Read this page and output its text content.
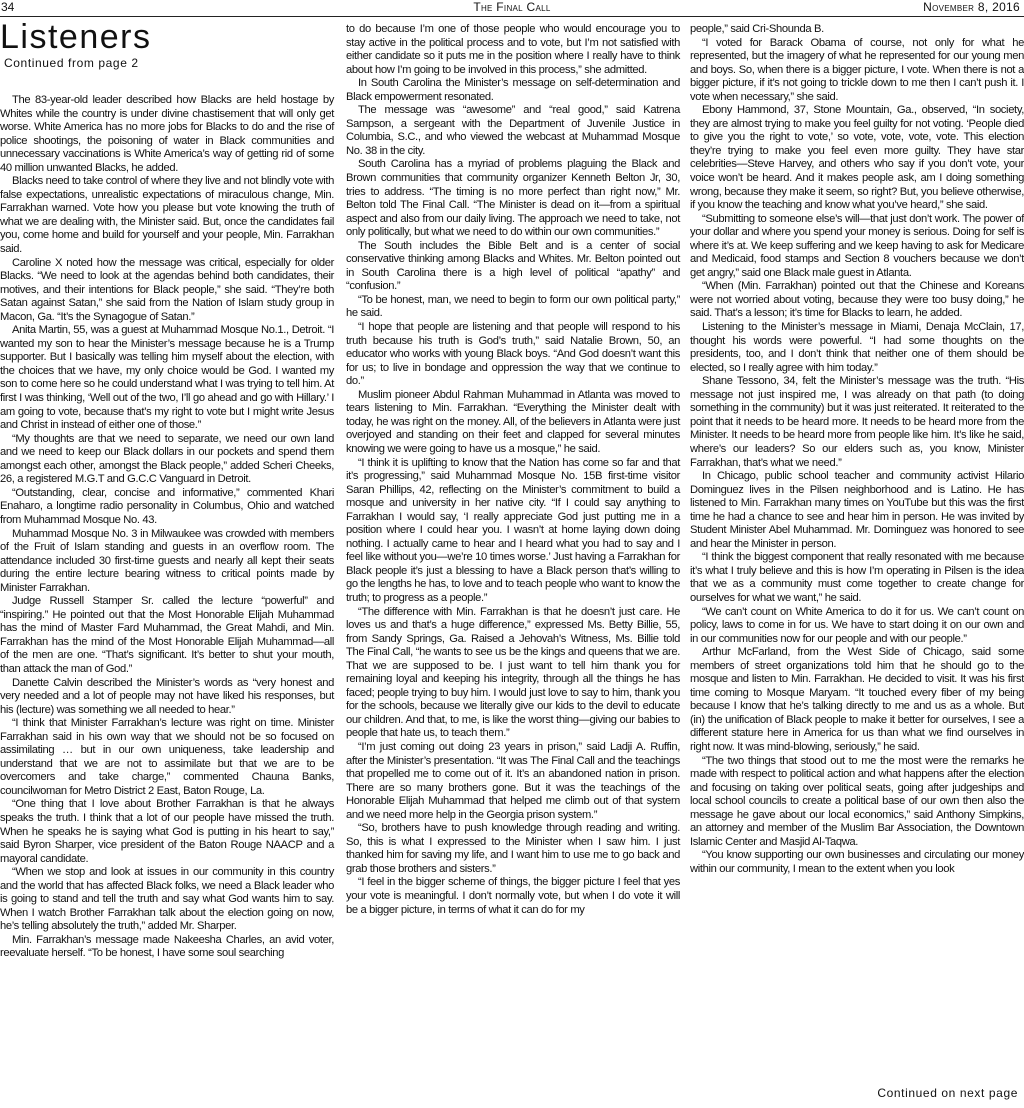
34	The Final Call	November 8, 2016
Listeners
Continued from page 2

The 83-year-old leader described how Blacks are held hostage by Whites while the country is under divine chastisement that will only get worse. White America has no more jobs for Blacks to do and the rise of police shootings, the poisoning of water in Black communities and unnecessary vaccinations is White America’s way of getting rid of some 40 million unwanted Blacks, he added.

Blacks need to take control of where they live and not blindly vote with false expectations, unrealistic expectations of miraculous change, Min. Farrakhan warned. Vote how you please but vote knowing the truth of what we are dealing with, the Minister said. But, once the candidates fail you, come home and build for yourself and your people, Min. Farrakhan said.

Caroline X noted how the message was critical, especially for older Blacks. “We need to look at the agendas behind both candidates, their motives, and their intentions for Black people,” she said. “They’re both Satan against Satan,” she said from the Nation of Islam study group in Macon, Ga. “It’s the Synagogue of Satan.”

Anita Martin, 55, was a guest at Muhammad Mosque No.1., Detroit. “I wanted my son to hear the Minister’s message because he is a Trump supporter. But I basically was telling him myself about the election, with the choices that we have, my only choice would be God. I wanted my son to come here so he could understand what I was trying to tell him. At first I was thinking, ‘Well out of the two, I’ll go ahead and go with Hillary.’ I am going to vote, because that’s my right to vote but I might write Jesus and Christ in instead of either one of those.”

“My thoughts are that we need to separate, we need our own land and we need to keep our Black dollars in our pockets and spend them amongst each other, amongst the Black people,” added Scheri Cheeks, 26, a registered M.G.T and G.C.C Vanguard in Detroit.

“Outstanding, clear, concise and informative,” commented Khari Enaharo, a longtime radio personality in Columbus, Ohio and watched from Muhammad Mosque No. 43.

Muhammad Mosque No. 3 in Milwaukee was crowded with members of the Fruit of Islam standing and guests in an overflow room. The attendance included 30 first-time guests and nearly all kept their seats during the entire lecture bearing witness to critical points made by Minister Farrakhan.

Judge Russell Stamper Sr. called the lecture “powerful” and “inspiring.” He pointed out that the Most Honorable Elijah Muhammad has the mind of Master Fard Muhammad, the Great Mahdi, and Min. Farrakhan has the mind of the Most Honorable Elijah Muhammad—all of the men are one. “That’s significant. It’s better to shut your mouth, than attack the man of God.”

Danette Calvin described the Minister’s words as “very honest and very needed and a lot of people may not have liked his responses, but his (lecture) was something we all needed to hear.”

“I think that Minister Farrakhan’s lecture was right on time. Minister Farrakhan said in his own way that we should not be so focused on assimilating … but in our own uniqueness, take leadership and understand that we are not to assimilate but that we are to be overcomers and take charge,” commented Chauna Banks, councilwoman for Metro District 2 East, Baton Rouge, La.

“One thing that I love about Brother Farrakhan is that he always speaks the truth. I think that a lot of our people have missed the truth. When he speaks he is saying what God is putting in his heart to say,” said Byron Sharper, vice president of the Baton Rouge NAACP and a mayoral candidate.

“When we stop and look at issues in our community in this country and the world that has affected Black folks, we need a Black leader who is going to stand and tell the truth and say what God wants him to say. When I watch Brother Farrakhan talk about the election going on now, he’s telling absolutely the truth,” added Mr. Sharper.

Min. Farrakhan’s message made Nakeesha Charles, an avid voter, reevaluate herself. “To be honest, I have some soul searching

to do because I’m one of those people who would encourage you to stay active in the political process and to vote, but I’m not satisfied with either candidate so it puts me in the position where I really have to think about how I’m going to be involved in this process,” she admitted.

In South Carolina the Minister’s message on self-determination and Black empowerment resonated.

The message was “awesome” and “real good,” said Katrena Sampson, a sergeant with the Department of Juvenile Justice in Columbia, S.C., and who viewed the webcast at Muhammad Mosque No. 38 in the city.

South Carolina has a myriad of problems plaguing the Black and Brown communities that community organizer Kenneth Belton Jr, 30, tries to address. “The timing is no more perfect than right now,” Mr. Belton told The Final Call. “The Minister is dead on it—from a spiritual aspect and also from our daily living. The approach we need to take, not only politically, but what we need to do within our own communities.”

The South includes the Bible Belt and is a center of social conservative thinking among Blacks and Whites. Mr. Belton pointed out in South Carolina there is a high level of political “apathy” and “confusion.”

“To be honest, man, we need to begin to form our own political party,” he said.

“I hope that people are listening and that people will respond to his truth because his truth is God’s truth,” said Natalie Brown, 50, an educator who works with young Black boys. “And God doesn’t want this for us; to live in bondage and oppression the way that we continue to do.”

Muslim pioneer Abdul Rahman Muhammad in Atlanta was moved to tears listening to Min. Farrakhan. “Everything the Minister dealt with today, he was right on the money. All, of the believers in Atlanta were just overjoyed and standing on their feet and clapped for several minutes knowing we were going to have us a mosque,” he said.

“I think it is uplifting to know that the Nation has come so far and that it’s progressing,” said Muhammad Mosque No. 15B first-time visitor Saran Phillips, 42, reflecting on the Minister’s commitment to build a mosque and university in her native city. “If I could say anything to Farrakhan I would say, ‘I really appreciate God just putting me in a position where I could hear you. I wasn’t at home laying down doing nothing. I actually came to hear and I heard what you had to say and I feel like without you—we’re 10 times worse.’ Just having a Farrakhan for Black people it’s just a blessing to have a Black person that’s willing to go the lengths he has, to love and to teach people who want to know the truth; to progress as a people.”

“The difference with Min. Farrakhan is that he doesn’t just care. He loves us and that’s a huge difference,” expressed Ms. Betty Billie, 55, from Sandy Springs, Ga. Raised a Jehovah’s Witness, Ms. Billie told The Final Call, “he wants to see us be the kings and queens that we are. That we are supposed to be. I just want to tell him thank you for remaining loyal and keeping his integrity, through all the things he has faced; people trying to buy him. I would just love to say to him, thank you for the schools, because we literally give our kids to the devil to educate our children. And that, to me, is like the worst thing—giving our babies to people that hate us, to teach them.”

“I’m just coming out doing 23 years in prison,” said Ladji A. Ruffin, after the Minister’s presentation. “It was The Final Call and the teachings that propelled me to come out of it. It’s an abandoned nation in prison. There are so many brothers gone. But it was the teachings of the Honorable Elijah Muhammad that helped me climb out of that system and we need more help in the Georgia prison system.”

“So, brothers have to push knowledge through reading and writing. So, this is what I expressed to the Minister when I saw him. I just thanked him for saving my life, and I want him to use me to go back and grab those brothers and sisters.”

“I feel in the bigger scheme of things, the bigger picture I feel that yes your vote is meaningful. I don’t normally vote, but when I do vote it will be a bigger picture, in terms of what it can do for my

people,” said Cri-Shounda B.

“I voted for Barack Obama of course, not only for what he represented, but the imagery of what he represented for our young men and boys. So, when there is a bigger picture, I vote. When there is not a bigger picture, if it’s not going to trickle down to me then I can’t push it. I vote when necessary,” she said.

Ebony Hammond, 37, Stone Mountain, Ga., observed, “In society, they are almost trying to make you feel guilty for not voting. ‘People died to give you the right to vote,’ so vote, vote, vote, vote. This election they’re trying to make you feel even more guilty. They have star celebrities—Steve Harvey, and others who say if you don’t vote, your voice won’t be heard. And it makes people ask, am I doing something wrong, because they make it seem, so right? But, you believe otherwise, if you know the teaching and know what you’ve heard,” she said.

“Submitting to someone else’s will—that just don’t work. The power of your dollar and where you spend your money is serious. Doing for self is where it’s at. We keep suffering and we keep having to ask for Medicare and Medicaid, food stamps and Section 8 vouchers because we don’t get angry,” said one Black male guest in Atlanta.

“When (Min. Farrakhan) pointed out that the Chinese and Koreans were not worried about voting, because they were too busy doing,” he said. That’s a lesson; it’s time for Blacks to learn, he added.

Listening to the Minister’s message in Miami, Denaja McClain, 17, thought his words were powerful. “I had some thoughts on the presidents, too, and I don’t think that neither one of them should be elected, so I really agree with him today.”

Shane Tessono, 34, felt the Minister’s message was the truth. “His message not just inspired me, I was already on that path (to doing something in the community) but it was just reiterated. It reiterated to the point that it needs to be heard more. It needs to be heard more from the Minister. It needs to be heard more from people like him. It’s like he said, where’s our leaders? So our elders such as, you know, Minister Farrakhan, that’s what we need.”

In Chicago, public school teacher and community activist Hilario Dominguez lives in the Pilsen neighborhood and is Latino. He has listened to Min. Farrakhan many times on YouTube but this was the first time he had a chance to see and hear him in person. He was invited by Student Minister Abel Muhammad. Mr. Dominguez was honored to see and hear the Minister in person.

“I think the biggest component that really resonated with me because it’s what I truly believe and this is how I’m operating in Pilsen is the idea that we as a community must come together to create change for ourselves for what we want,” he said.

“We can’t count on White America to do it for us. We can’t count on policy, laws to come in for us. We have to start doing it on our own and in our communities now for our people and with our people.”

Arthur McFarland, from the West Side of Chicago, said some members of street organizations told him that he should go to the mosque and listen to Min. Farrakhan. He decided to visit. It was his first time coming to Mosque Maryam. “It touched every fiber of my being because I know that he’s talking directly to me and us as a whole. But (in) the unification of Black people to make it better for ourselves, I see a different stature here in America for us than what we find ourselves in right now. It was mind-blowing, seriously,” he said.

“The two things that stood out to me the most were the remarks he made with respect to political action and what happens after the election and focusing on taking over political seats, going after judgeships and local school councils to create a political base of our own then also the message he gave about our local economics,” said Anthony Simpkins, an attorney and member of the Muslim Bar Association, the Downtown Islamic Center and Masjid Al-Taqwa.

“You know supporting our own businesses and circulating our money within our community, I mean to the extent when you look

Continued on next page
